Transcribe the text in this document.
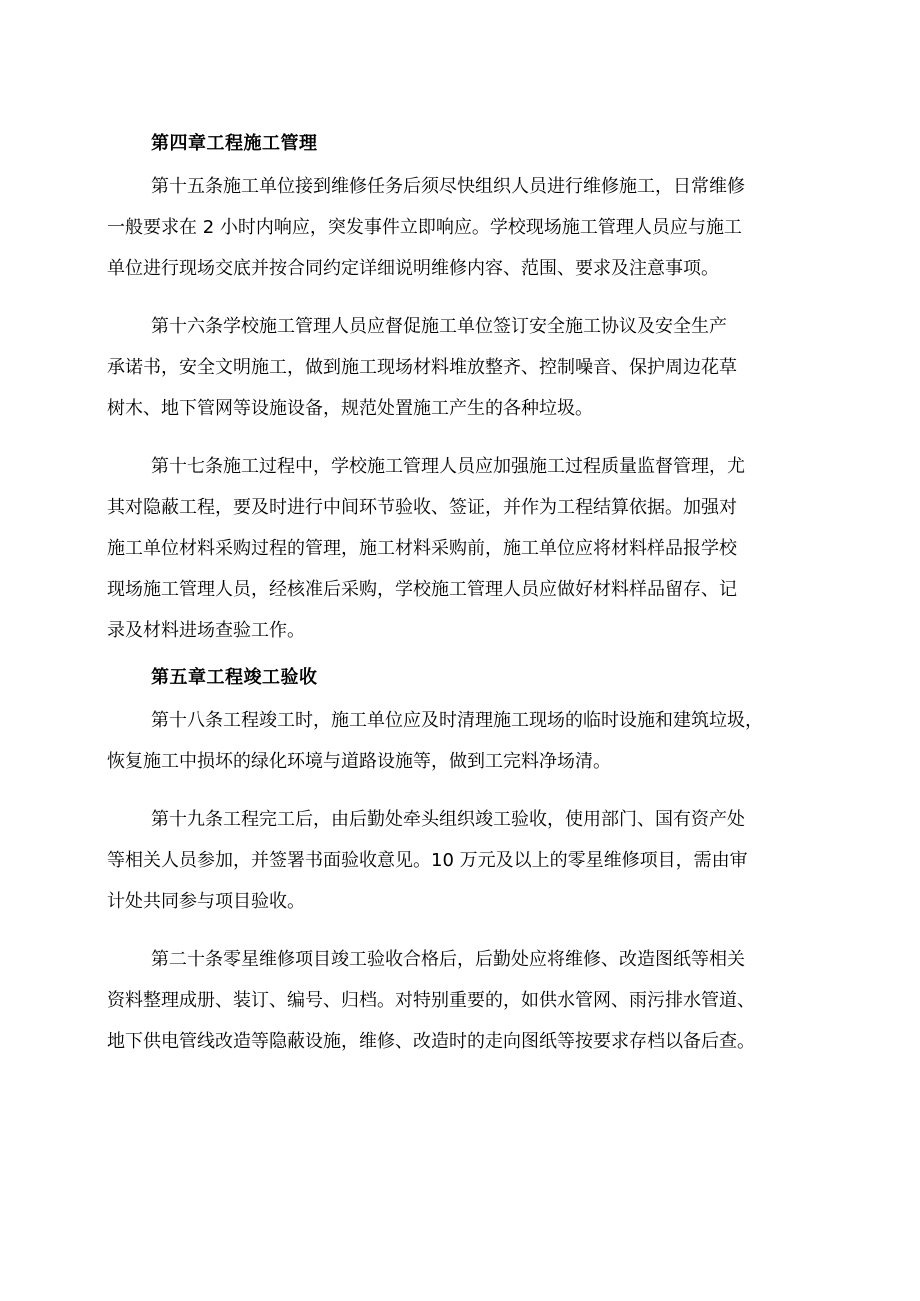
第四章工程施工管理

第十五条施工单位接到维修任务后须尽快组织人员进行维修施工，日常维修
一般要求在 2 小时内响应，突发事件立即响应。学校现场施工管理人员应与施工
单位进行现场交底并按合同约定详细说明维修内容、范围、要求及注意事项。

第十六条学校施工管理人员应督促施工单位签订安全施工协议及安全生产
承诺书，安全文明施工，做到施工现场材料堆放整齐、控制噪音、保护周边花草
树木、地下管网等设施设备，规范处置施工产生的各种垃圾。

第十七条施工过程中，学校施工管理人员应加强施工过程质量监督管理，尤
其对隐蔽工程，要及时进行中间环节验收、签证，并作为工程结算依据。加强对
施工单位材料采购过程的管理，施工材料采购前，施工单位应将材料样品报学校
现场施工管理人员，经核准后采购，学校施工管理人员应做好材料样品留存、记
录及材料进场查验工作。

第五章工程竣工验收

第十八条工程竣工时，施工单位应及时清理施工现场的临时设施和建筑垃圾，
恢复施工中损坏的绿化环境与道路设施等，做到工完料净场清。

第十九条工程完工后，由后勤处牵头组织竣工验收，使用部门、国有资产处
等相关人员参加，并签署书面验收意见。10 万元及以上的零星维修项目，需由审
计处共同参与项目验收。

第二十条零星维修项目竣工验收合格后，后勤处应将维修、改造图纸等相关
资料整理成册、装订、编号、归档。对特别重要的，如供水管网、雨污排水管道、
地下供电管线改造等隐蔽设施，维修、改造时的走向图纸等按要求存档以备后查。
